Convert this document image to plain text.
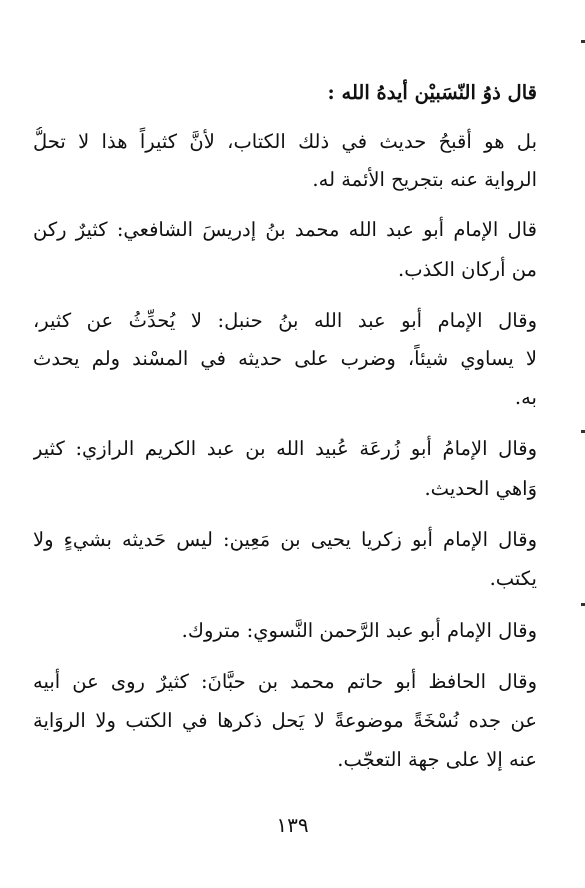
قال ذوُ النّسَبيْن أيدهُ الله :
بل هو أقبحُ حديث في ذلك الكتاب، لأنَّ كثيراً هذا لا تحلُّ
الرواية عنه بتجريح الأئمة له.
قال الإمام أبو عبد الله محمد بنُ إدريسَ الشافعي: كثيرٌ ركن
من أركان الكذب.
وقال الإمام أبو عبد الله بنُ حنبل: لا يُحدِّثُ عن كثير،
لا يساوي شيئاً، وضرب على حديثه في المسْند ولم يحدث
به.
وقال الإمامُ أبو زُرعَة عُبيد الله بن عبد الكريم الرازي: كثير
وَاهي الحديث.
وقال الإمام أبو زكريا يحيى بن مَعِين: ليس حَديثه بشيءٍ ولا
يكتب.
وقال الإمام أبو عبد الرَّحمن النَّسوي: متروك.
وقال الحافظ أبو حاتم محمد بن حبَّانَ: كثيرٌ روى عن أبيه
عن جده نُسْخَةً موضوعةً لا يَحل ذكرها في الكتب ولا الروَاية
عنه إلا على جهة التعجّب.
١٣٩
